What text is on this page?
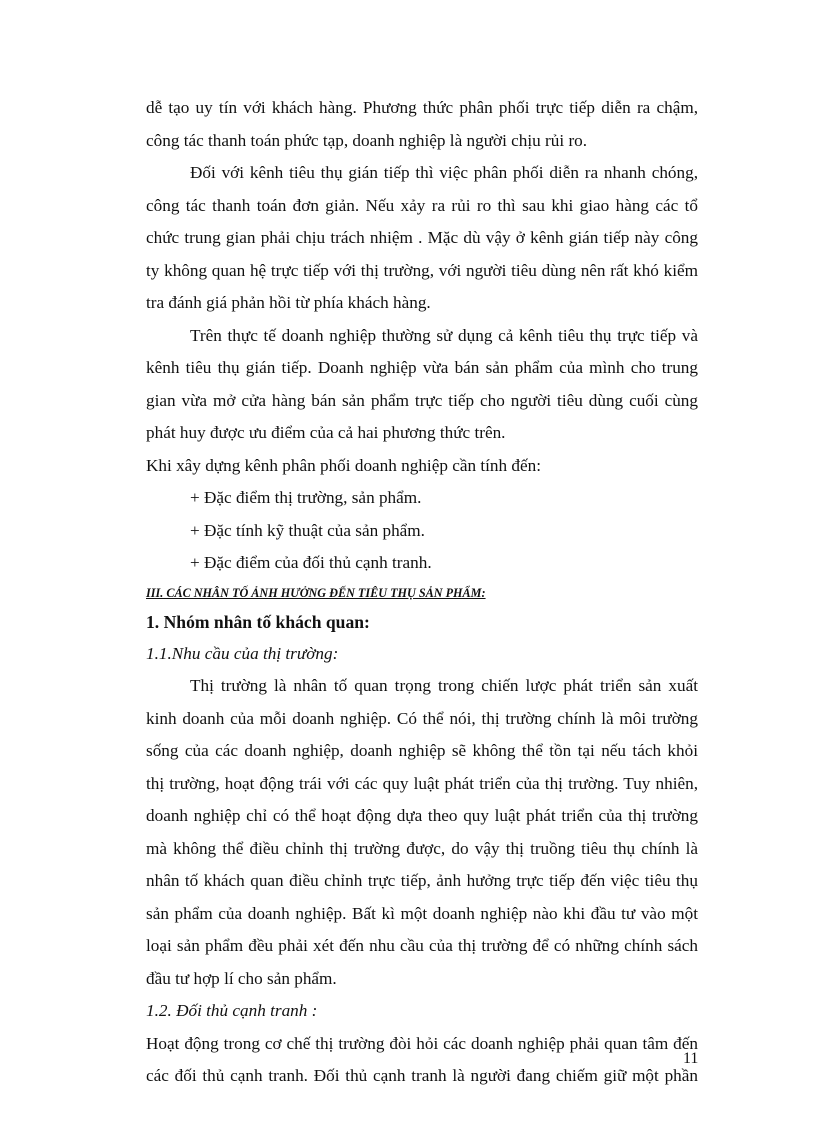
dễ tạo uy tín với khách hàng. Phương thức phân phối trực tiếp diễn ra chậm,
công tác thanh toán phức tạp, doanh nghiệp là người chịu rủi ro.
Đối với kênh tiêu thụ gián tiếp thì việc phân phối diễn ra nhanh chóng,
công tác thanh toán đơn giản. Nếu xảy ra rủi ro thì sau khi giao hàng các tổ
chức trung gian phải chịu trách nhiệm . Mặc dù vậy ở kênh gián tiếp này công
ty không quan hệ trực tiếp với thị trường, với người tiêu dùng nên rất khó kiểm
tra đánh giá phản hồi từ phía khách hàng.
Trên thực tế doanh nghiệp thường sử dụng cả kênh tiêu thụ trực tiếp và
kênh tiêu thụ gián tiếp. Doanh nghiệp vừa bán sản phẩm của mình cho trung
gian vừa mở cửa hàng bán sản phẩm trực tiếp cho người tiêu dùng cuối cùng
phát huy được ưu điểm của cả hai phương thức trên.
Khi xây dựng kênh phân phối doanh nghiệp cần tính đến:
+ Đặc điểm thị trường, sản phẩm.
+ Đặc tính kỹ thuật của sản phẩm.
+ Đặc điểm của đối thủ cạnh tranh.
III. CÁC NHÂN TỐ ẢNH HƯỞNG ĐẾN TIÊU THỤ SẢN PHẨM:
1. Nhóm nhân tố khách quan:
1.1.Nhu cầu của thị trường:
Thị trường là nhân tố quan trọng trong chiến lược phát triển sản xuất
kinh doanh của mỗi doanh nghiệp. Có thể nói, thị trường chính là môi trường
sống của các doanh nghiệp, doanh nghiệp sẽ không thể tồn tại nếu tách khỏi
thị trường, hoạt động trái với các quy luật phát triển của thị trường. Tuy nhiên,
doanh nghiệp chỉ có thể hoạt động dựa theo quy luật phát triển của thị trường
mà không thể điều chỉnh thị trường được, do vậy thị truồng tiêu thụ chính là
nhân tố khách quan điều chỉnh trực tiếp, ảnh hưởng trực tiếp đến việc tiêu thụ
sản phẩm của doanh nghiệp. Bất kì một doanh nghiệp nào khi đầu tư vào một
loại sản phẩm đều phải xét đến nhu cầu của thị trường để có những chính sách
đầu tư hợp lí cho sản phẩm.
1.2. Đối thủ cạnh tranh :
Hoạt động trong cơ chế thị trường đòi hỏi các doanh nghiệp phải quan tâm đến
các đối thủ cạnh tranh. Đối thủ cạnh tranh là người đang chiếm giữ một phần
11
